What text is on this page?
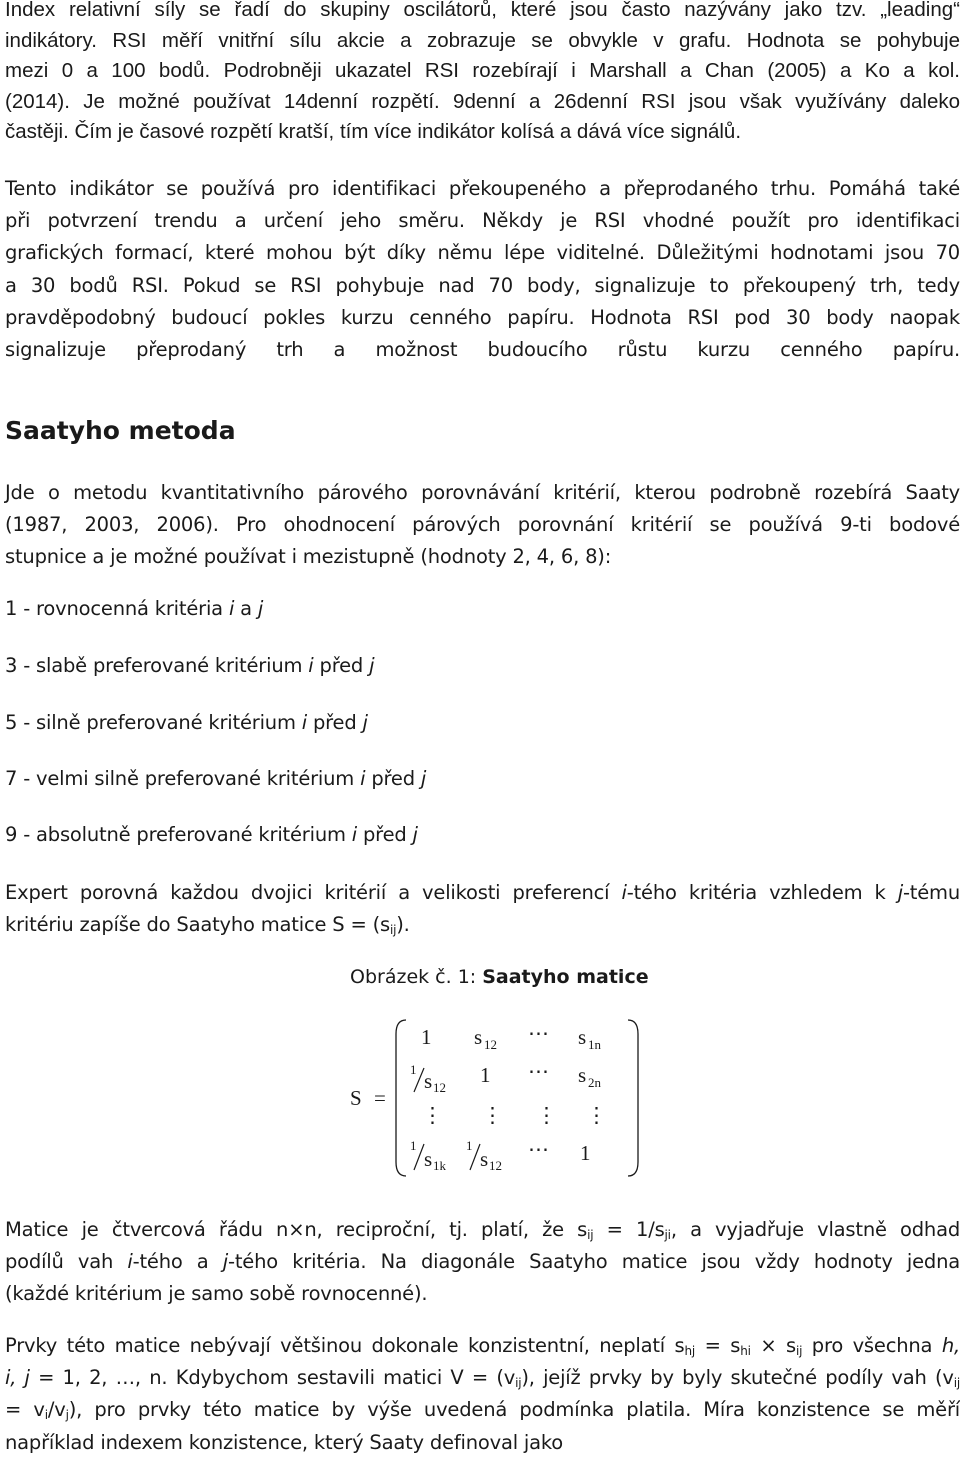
Index relativní síly se řadí do skupiny oscilátorů, které jsou často nazývány jako tzv. „leading“
indikátory. RSI měří vnitřní sílu akcie a zobrazuje se obvykle v grafu. Hodnota se pohybuje
mezi 0 a 100 bodů. Podrobněji ukazatel RSI rozebírají i Marshall a Chan (2005) a Ko a kol.
(2014). Je možné používat 14denní rozpětí. 9denní a 26denní RSI jsou však využívány daleko
častěji. Čím je časové rozpětí kratší, tím více indikátor kolísá a dává více signálů.

Tento indikátor se používá pro identifikaci překoupeného a přeprodaného trhu. Pomáhá také
při potvrzení trendu a určení jeho směru. Někdy je RSI vhodné použít pro identifikaci
grafických formací, které mohou být díky němu lépe viditelné. Důležitými hodnotami jsou 70
a 30 bodů RSI. Pokud se RSI pohybuje nad 70 body, signalizuje to překoupený trh, tedy
pravděpodobný budoucí pokles kurzu cenného papíru. Hodnota RSI pod 30 body naopak
signalizuje přeprodaný trh a možnost budoucího růstu kurzu cenného papíru.

Saatyho metoda

Jde o metodu kvantitativního párového porovnávání kritérií, kterou podrobně rozebírá Saaty
(1987, 2003, 2006). Pro ohodnocení párových porovnání kritérií se používá 9-ti bodové
stupnice a je možné používat i mezistupně (hodnoty 2, 4, 6, 8):

1 - rovnocenná kritéria i a j
3 - slabě preferované kritérium i před j
5 - silně preferované kritérium i před j
7 - velmi silně preferované kritérium i před j
9 - absolutně preferované kritérium i před j

Expert porovná každou dvojici kritérií a velikosti preferencí i-tého kritéria vzhledem k j-tému
kritériu zapíše do Saatyho matice $S = (s_{ij})$.

Obrázek č. 1: Saatyho matice
S =
1 s 12 ⋯ s 1n
1 s 12
1 ⋯ s 2n
⋮ ⋮ ⋮ ⋮
1
s 1k
1
s 12
⋯ 1

Matice je čtvercová řádu n×n, reciproční, tj. platí, že $s_{ij} = 1/s_{ji}$, a vyjadřuje vlastně odhad
podílů vah i-tého a j-tého kritéria. Na diagonále Saatyho matice jsou vždy hodnoty jedna
(každé kritérium je samo sobě rovnocenné).

Prvky této matice nebývají většinou dokonale konzistentní, neplatí $s_{hj} = s_{hi} \times s_{ij}$ pro všechna h,
i, j = 1, 2, …, n. Kdybychom sestavili matici $V = (v_{ij})$, jejíž prvky by byly skutečné podíly vah ($v_{ij}$
= $v_i/v_j$), pro prvky této matice by výše uvedená podmínka platila. Míra konzistence se měří
například indexem konzistence, který Saaty definoval jako
